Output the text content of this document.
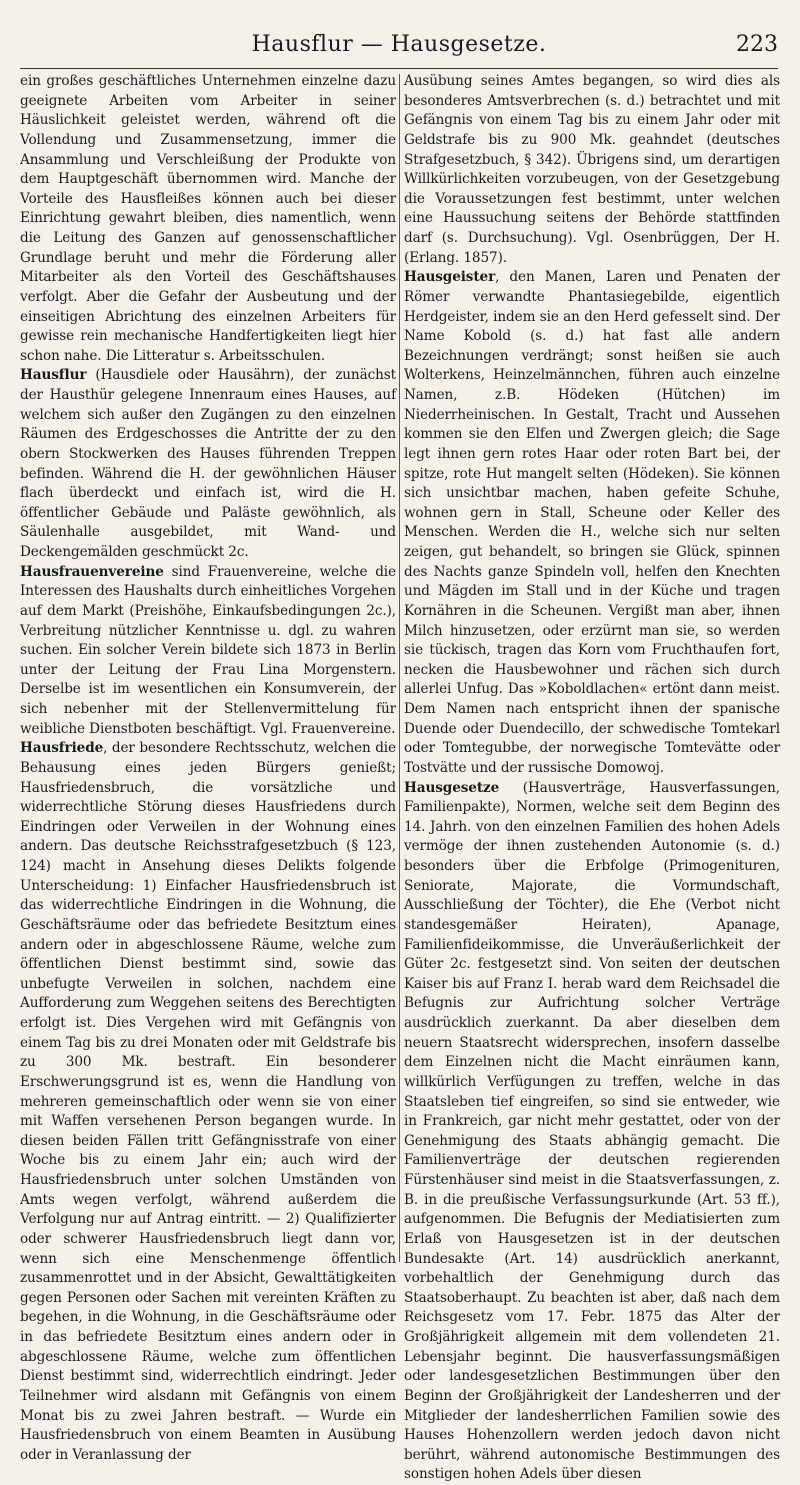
Hausflur — Hausgesetze.	223

ein großes geschäftliches Unternehmen einzelne dazu geeignete Arbeiten vom Arbeiter in seiner Häuslichkeit geleistet werden, während oft die Vollendung und Zusammensetzung, immer die Ansammlung und Verschleißung der Produkte von dem Hauptgeschäft übernommen wird. Manche der Vorteile des Hausfleißes können auch bei dieser Einrichtung gewahrt bleiben, dies namentlich, wenn die Leitung des Ganzen auf genossenschaftlicher Grundlage beruht und mehr die Förderung aller Mitarbeiter als den Vorteil des Geschäftshauses verfolgt. Aber die Gefahr der Ausbeutung und der einseitigen Abrichtung des einzelnen Arbeiters für gewisse rein mechanische Handfertigkeiten liegt hier schon nahe. Die Litteratur s. Arbeitsschulen.

Hausflur (Hausdiele oder Hausährn), der zunächst der Hausthür gelegene Innenraum eines Hauses, auf welchem sich außer den Zugängen zu den einzelnen Räumen des Erdgeschosses die Antritte der zu den obern Stockwerken des Hauses führenden Treppen befinden. Während die H. der gewöhnlichen Häuser flach überdeckt und einfach ist, wird die H. öffentlicher Gebäude und Paläste gewöhnlich, als Säulenhalle ausgebildet, mit Wand- und Deckengemälden geschmückt 2c.

Hausfrauenvereine sind Frauenvereine, welche die Interessen des Haushalts durch einheitliches Vorgehen auf dem Markt (Preishöhe, Einkaufsbedingungen 2c.), Verbreitung nützlicher Kenntnisse u. dgl. zu wahren suchen. Ein solcher Verein bildete sich 1873 in Berlin unter der Leitung der Frau Lina Morgenstern. Derselbe ist im wesentlichen ein Konsumverein, der sich nebenher mit der Stellenvermittelung für weibliche Dienstboten beschäftigt. Vgl. Frauenvereine.

Hausfriede, der besondere Rechtsschutz, welchen die Behausung eines jeden Bürgers genießt; Hausfriedensbruch, die vorsätzliche und widerrechtliche Störung dieses Hausfriedens durch Eindringen oder Verweilen in der Wohnung eines andern. Das deutsche Reichsstrafgesetzbuch (§ 123, 124) macht in Ansehung dieses Delikts folgende Unterscheidung: 1) Einfacher Hausfriedensbruch ist das widerrechtliche Eindringen in die Wohnung, die Geschäftsräume oder das befriedete Besitztum eines andern oder in abgeschlossene Räume, welche zum öffentlichen Dienst bestimmt sind, sowie das unbefugte Verweilen in solchen, nachdem eine Aufforderung zum Weggehen seitens des Berechtigten erfolgt ist. Dies Vergehen wird mit Gefängnis von einem Tag bis zu drei Monaten oder mit Geldstrafe bis zu 300 Mk. bestraft. Ein besonderer Erschwerungsgrund ist es, wenn die Handlung von mehreren gemeinschaftlich oder wenn sie von einer mit Waffen versehenen Person begangen wurde. In diesen beiden Fällen tritt Gefängnisstrafe von einer Woche bis zu einem Jahr ein; auch wird der Hausfriedensbruch unter solchen Umständen von Amts wegen verfolgt, während außerdem die Verfolgung nur auf Antrag eintritt. — 2) Qualifizierter oder schwerer Hausfriedensbruch liegt dann vor, wenn sich eine Menschenmenge öffentlich zusammenrottet und in der Absicht, Gewalttätigkeiten gegen Personen oder Sachen mit vereinten Kräften zu begehen, in die Wohnung, in die Geschäftsräume oder in das befriedete Besitztum eines andern oder in abgeschlossene Räume, welche zum öffentlichen Dienst bestimmt sind, widerrechtlich eindringt. Jeder Teilnehmer wird alsdann mit Gefängnis von einem Monat bis zu zwei Jahren bestraft. — Wurde ein Hausfriedensbruch von einem Beamten in Ausübung oder in Veranlassung der

Ausübung seines Amtes begangen, so wird dies als besonderes Amtsverbrechen (s. d.) betrachtet und mit Gefängnis von einem Tag bis zu einem Jahr oder mit Geldstrafe bis zu 900 Mk. geahndet (deutsches Strafgesetzbuch, § 342). Übrigens sind, um derartigen Willkürlichkeiten vorzubeugen, von der Gesetzgebung die Voraussetzungen fest bestimmt, unter welchen eine Haussuchung seitens der Behörde stattfinden darf (s. Durchsuchung). Vgl. Osenbrüggen, Der H. (Erlang. 1857).

Hausgeister, den Manen, Laren und Penaten der Römer verwandte Phantasiegebilde, eigentlich Herdgeister, indem sie an den Herd gefesselt sind. Der Name Kobold (s. d.) hat fast alle andern Bezeichnungen verdrängt; sonst heißen sie auch Wolterkens, Heinzelmännchen, führen auch einzelne Namen, z.B. Hödeken (Hütchen) im Niederrheinischen. In Gestalt, Tracht und Aussehen kommen sie den Elfen und Zwergen gleich; die Sage legt ihnen gern rotes Haar oder roten Bart bei, der spitze, rote Hut mangelt selten (Hödeken). Sie können sich unsichtbar machen, haben gefeite Schuhe, wohnen gern in Stall, Scheune oder Keller des Menschen. Werden die H., welche sich nur selten zeigen, gut behandelt, so bringen sie Glück, spinnen des Nachts ganze Spindeln voll, helfen den Knechten und Mägden im Stall und in der Küche und tragen Kornähren in die Scheunen. Vergißt man aber, ihnen Milch hinzusetzen, oder erzürnt man sie, so werden sie tückisch, tragen das Korn vom Fruchthaufen fort, necken die Hausbewohner und rächen sich durch allerlei Unfug. Das »Koboldlachen« ertönt dann meist. Dem Namen nach entspricht ihnen der spanische Duende oder Duendecillo, der schwedische Tomtekarl oder Tomtegubbe, der norwegische Tomtevätte oder Tostvätte und der russische Domowoj.

Hausgesetze (Hausverträge, Hausverfassungen, Familienpakte), Normen, welche seit dem Beginn des 14. Jahrh. von den einzelnen Familien des hohen Adels vermöge der ihnen zustehenden Autonomie (s. d.) besonders über die Erbfolge (Primogenituren, Seniorate, Majorate, die Vormundschaft, Ausschließung der Töchter), die Ehe (Verbot nicht standesgemäßer Heiraten), Apanage, Familienfideikommisse, die Unveräußerlichkeit der Güter 2c. festgesetzt sind. Von seiten der deutschen Kaiser bis auf Franz I. herab ward dem Reichsadel die Befugnis zur Aufrichtung solcher Verträge ausdrücklich zuerkannt. Da aber dieselben dem neuern Staatsrecht widersprechen, insofern dasselbe dem Einzelnen nicht die Macht einräumen kann, willkürlich Verfügungen zu treffen, welche in das Staatsleben tief eingreifen, so sind sie entweder, wie in Frankreich, gar nicht mehr gestattet, oder von der Genehmigung des Staats abhängig gemacht. Die Familienverträge der deutschen regierenden Fürstenhäuser sind meist in die Staatsverfassungen, z. B. in die preußische Verfassungsurkunde (Art. 53 ff.), aufgenommen. Die Befugnis der Mediatisierten zum Erlaß von Hausgesetzen ist in der deutschen Bundesakte (Art. 14) ausdrücklich anerkannt, vorbehaltlich der Genehmigung durch das Staatsoberhaupt. Zu beachten ist aber, daß nach dem Reichsgesetz vom 17. Febr. 1875 das Alter der Großjährigkeit allgemein mit dem vollendeten 21. Lebensjahr beginnt. Die hausverfassungsmäßigen oder landesgesetzlichen Bestimmungen über den Beginn der Großjährigkeit der Landesherren und der Mitglieder der landesherrlichen Familien sowie des Hauses Hohenzollern werden jedoch davon nicht berührt, während autonomische Bestimmungen des sonstigen hohen Adels über diesen
